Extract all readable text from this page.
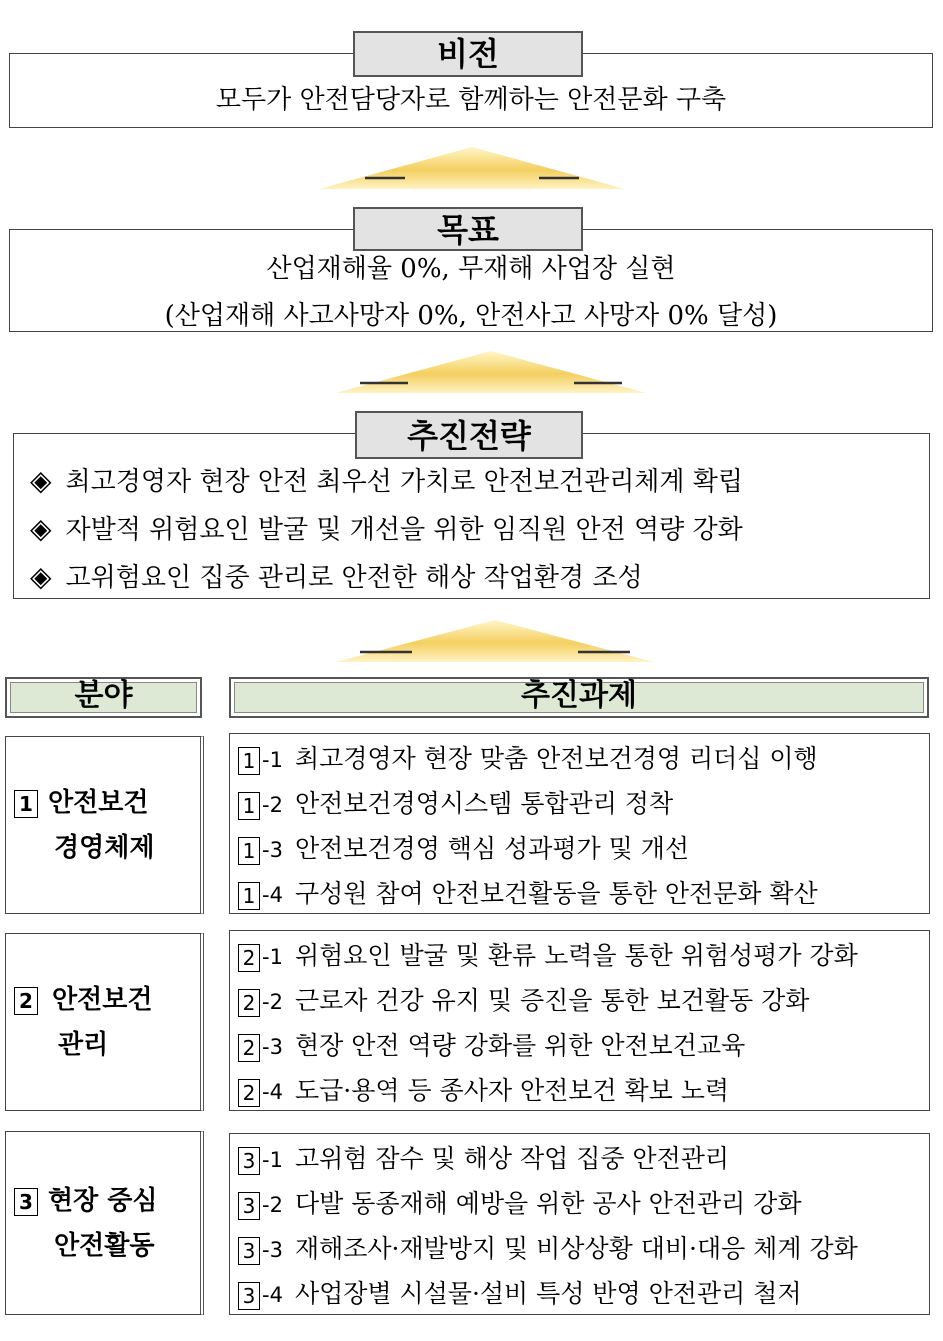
비전
모두가 안전담당자로 함께하는 안전문화 구축
목표
산업재해율 0%, 무재해 사업장 실현
(산업재해 사고사망자 0%, 안전사고 사망자 0% 달성)
추진전략
◈ 최고경영자 현장 안전 최우선 가치로 안전보건관리체계 확립
◈ 자발적 위험요인 발굴 및 개선을 위한 임직원 안전 역량 강화
◈ 고위험요인 집중 관리로 안전한 해상 작업환경 조성
분야	추진과제
1 안전보건
경영체제
1 -1 최고경영자 현장 맞춤 안전보건경영 리더십 이행
1 -2 안전보건경영시스템 통합관리 정착
1 -3 안전보건경영 핵심 성과평가 및 개선
1 -4 구성원 참여 안전보건활동을 통한 안전문화 확산
2 안전보건
관리
2 -1 위험요인 발굴 및 환류 노력을 통한 위험성평가 강화
2 -2 근로자 건강 유지 및 증진을 통한 보건활동 강화
2 -3 현장 안전 역량 강화를 위한 안전보건교육
2 -4 도급·용역 등 종사자 안전보건 확보 노력
3 현장 중심
안전활동
3 -1 고위험 잠수 및 해상 작업 집중 안전관리
3 -2 다발 동종재해 예방을 위한 공사 안전관리 강화
3 -3 재해조사·재발방지 및 비상상황 대비·대응 체계 강화
3 -4 사업장별 시설물·설비 특성 반영 안전관리 철저
